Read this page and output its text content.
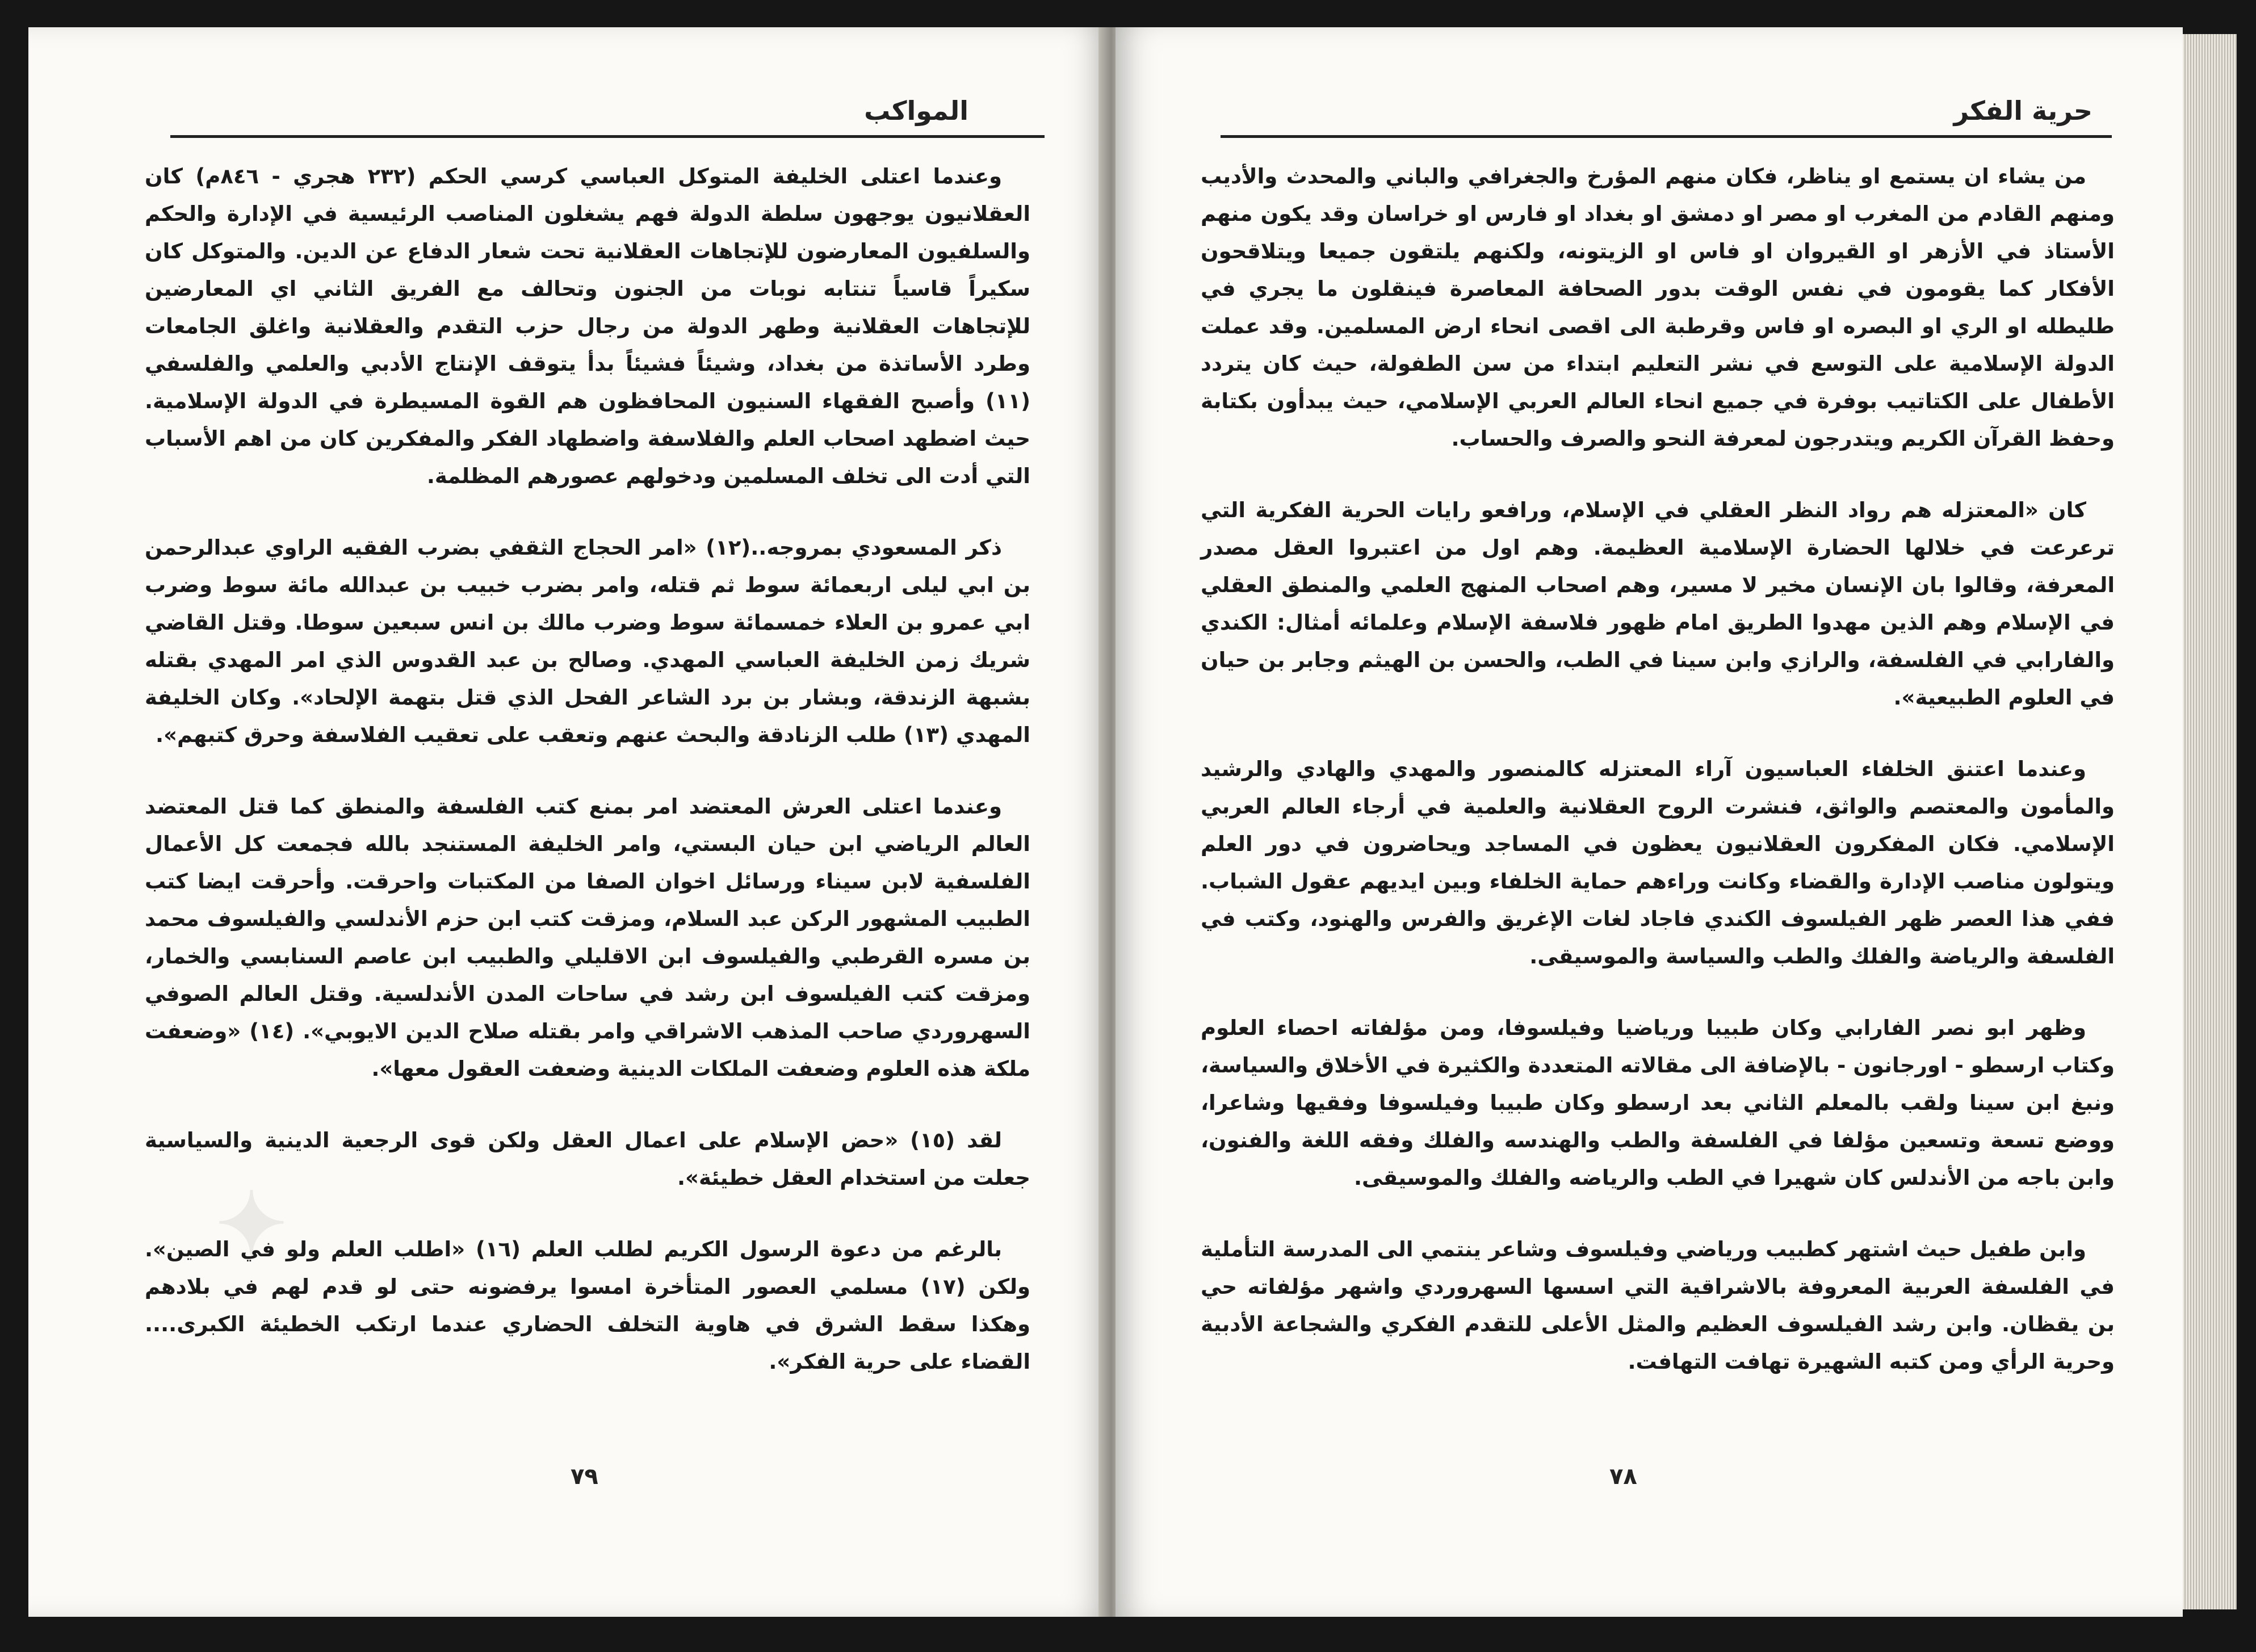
✦
المواكب

وعندما اعتلى الخليفة المتوكل العباسي كرسي الحكم (٢٣٢ هجري - ٨٤٦م) كان العقلانيون يوجهون سلطة الدولة فهم يشغلون المناصب الرئيسية في الإدارة والحكم والسلفيون المعارضون للإتجاهات العقلانية تحت شعار الدفاع عن الدين. والمتوكل كان سكيراً قاسياً تنتابه نوبات من الجنون وتحالف مع الفريق الثاني اي المعارضين للإتجاهات العقلانية وطهر الدولة من رجال حزب التقدم والعقلانية واغلق الجامعات وطرد الأساتذة من بغداد، وشيئاً فشيئاً بدأ يتوقف الإنتاج الأدبي والعلمي والفلسفي (١١) وأصبح الفقهاء السنيون المحافظون هم القوة المسيطرة في الدولة الإسلامية. حيث اضطهد اصحاب العلم والفلاسفة واضطهاد الفكر والمفكرين كان من اهم الأسباب التي أدت الى تخلف المسلمين ودخولهم عصورهم المظلمة.

ذكر المسعودي بمروجه..(١٢) «امر الحجاج الثقفي بضرب الفقيه الراوي عبدالرحمن بن ابي ليلى اربعمائة سوط ثم قتله، وامر بضرب خبيب بن عبدالله مائة سوط وضرب ابي عمرو بن العلاء خمسمائة سوط وضرب مالك بن انس سبعين سوطا. وقتل القاضي شريك زمن الخليفة العباسي المهدي. وصالح بن عبد القدوس الذي امر المهدي بقتله بشبهة الزندقة، وبشار بن برد الشاعر الفحل الذي قتل بتهمة الإلحاد». وكان الخليفة المهدي (١٣) طلب الزنادقة والبحث عنهم وتعقب على تعقيب الفلاسفة وحرق كتبهم».

وعندما اعتلى العرش المعتضد امر بمنع كتب الفلسفة والمنطق كما قتل المعتضد العالم الرياضي ابن حيان البستي، وامر الخليفة المستنجد بالله فجمعت كل الأعمال الفلسفية لابن سيناء ورسائل اخوان الصفا من المكتبات واحرقت. وأحرقت ايضا كتب الطبيب المشهور الركن عبد السلام، ومزقت كتب ابن حزم الأندلسي والفيلسوف محمد بن مسره القرطبي والفيلسوف ابن الاقليلي والطبيب ابن عاصم السنابسي والخمار، ومزقت كتب الفيلسوف ابن رشد في ساحات المدن الأندلسية. وقتل العالم الصوفي السهروردي صاحب المذهب الاشراقي وامر بقتله صلاح الدين الايوبي». (١٤) «وضعفت ملكة هذه العلوم وضعفت الملكات الدينية وضعفت العقول معها».

لقد (١٥) «حض الإسلام على اعمال العقل ولكن قوى الرجعية الدينية والسياسية جعلت من استخدام العقل خطيئة».

بالرغم من دعوة الرسول الكريم لطلب العلم (١٦) «اطلب العلم ولو في الصين». ولكن (١٧) مسلمي العصور المتأخرة امسوا يرفضونه حتى لو قدم لهم في بلادهم وهكذا سقط الشرق في هاوية التخلف الحضاري عندما ارتكب الخطيئة الكبرى.... القضاء على حرية الفكر».

٧٩
حرية الفكر

من يشاء ان يستمع او يناظر، فكان منهم المؤرخ والجغرافي والباني والمحدث والأديب ومنهم القادم من المغرب او مصر او دمشق او بغداد او فارس او خراسان وقد يكون منهم الأستاذ في الأزهر او القيروان او فاس او الزيتونه، ولكنهم يلتقون جميعا ويتلاقحون الأفكار كما يقومون في نفس الوقت بدور الصحافة المعاصرة فينقلون ما يجري في طليطله او الري او البصره او فاس وقرطبة الى اقصى انحاء ارض المسلمين. وقد عملت الدولة الإسلامية على التوسع في نشر التعليم ابتداء من سن الطفولة، حيث كان يتردد الأطفال على الكتاتيب بوفرة في جميع انحاء العالم العربي الإسلامي، حيث يبدأون بكتابة وحفظ القرآن الكريم ويتدرجون لمعرفة النحو والصرف والحساب.

كان «المعتزله هم رواد النظر العقلي في الإسلام، ورافعو رايات الحرية الفكرية التي ترعرعت في خلالها الحضارة الإسلامية العظيمة. وهم اول من اعتبروا العقل مصدر المعرفة، وقالوا بان الإنسان مخير لا مسير، وهم اصحاب المنهج العلمي والمنطق العقلي في الإسلام وهم الذين مهدوا الطريق امام ظهور فلاسفة الإسلام وعلمائه أمثال: الكندي والفارابي في الفلسفة، والرازي وابن سينا في الطب، والحسن بن الهيثم وجابر بن حيان في العلوم الطبيعية».

وعندما اعتنق الخلفاء العباسيون آراء المعتزله كالمنصور والمهدي والهادي والرشيد والمأمون والمعتصم والواثق، فنشرت الروح العقلانية والعلمية في أرجاء العالم العربي الإسلامي. فكان المفكرون العقلانيون يعظون في المساجد ويحاضرون في دور العلم ويتولون مناصب الإدارة والقضاء وكانت وراءهم حماية الخلفاء وبين ايديهم عقول الشباب. ففي هذا العصر ظهر الفيلسوف الكندي فاجاد لغات الإغريق والفرس والهنود، وكتب في الفلسفة والرياضة والفلك والطب والسياسة والموسيقى.

وظهر ابو نصر الفارابي وكان طبيبا ورياضيا وفيلسوفا، ومن مؤلفاته احصاء العلوم وكتاب ارسطو - اورجانون - بالإضافة الى مقالاته المتعددة والكثيرة في الأخلاق والسياسة، ونبغ ابن سينا ولقب بالمعلم الثاني بعد ارسطو وكان طبيبا وفيلسوفا وفقيها وشاعرا، ووضع تسعة وتسعين مؤلفا في الفلسفة والطب والهندسه والفلك وفقه اللغة والفنون، وابن باجه من الأندلس كان شهيرا في الطب والرياضه والفلك والموسيقى.

وابن طفيل حيث اشتهر كطبيب ورياضي وفيلسوف وشاعر ينتمي الى المدرسة التأملية في الفلسفة العربية المعروفة بالاشراقية التي اسسها السهروردي واشهر مؤلفاته حي بن يقظان. وابن رشد الفيلسوف العظيم والمثل الأعلى للتقدم الفكري والشجاعة الأدبية وحرية الرأي ومن كتبه الشهيرة تهافت التهافت.

٧٨
